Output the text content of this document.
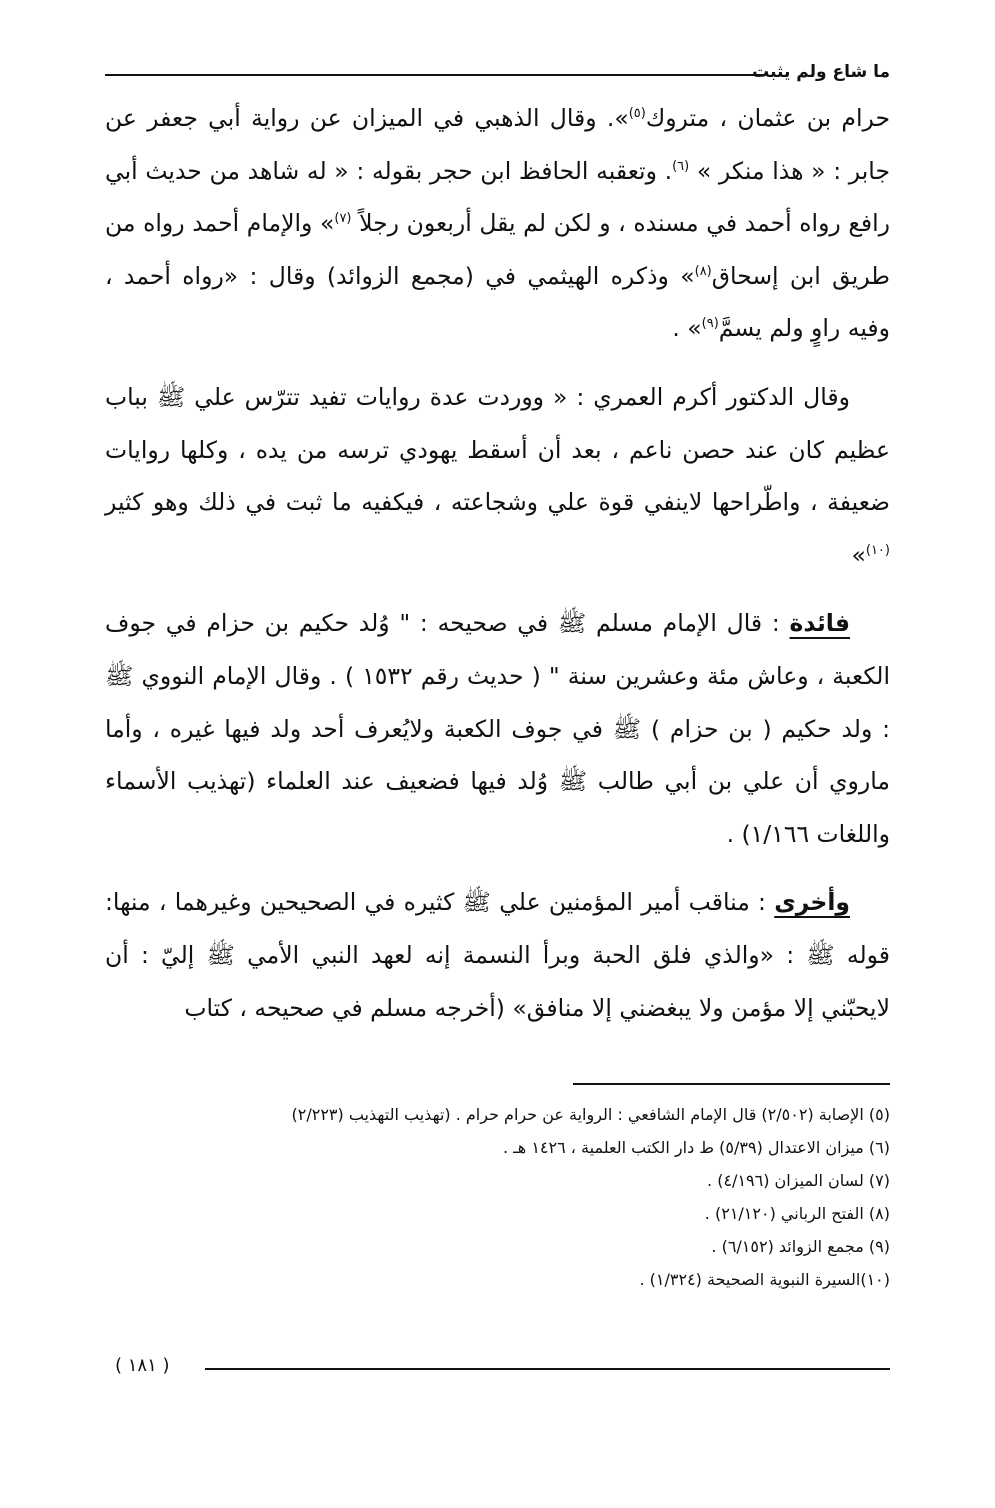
ما شاع ولم يثبت
حرام بن عثمان ، متروك$^{(٥)}$». وقال الذهبي في الميزان عن رواية أبي جعفر عن جابر : « هذا منكر » $^{(٦)}$. وتعقبه الحافظ ابن حجر بقوله : « له شاهد من حديث أبي رافع رواه أحمد في مسنده ، و لكن لم يقل أربعون رجلاً $^{(٧)}$» والإمام أحمد رواه من طريق ابن إسحاق$^{(٨)}$» وذكره الهيثمي في (مجمع الزوائد) وقال : «رواه أحمد ، وفيه راوٍ ولم يسمَّ$^{(٩)}$» .
وقال الدكتور أكرم العمري : « ووردت عدة روايات تفيد تترّس علي ﷺ بباب عظيم كان عند حصن ناعم ، بعد أن أسقط يهودي ترسه من يده ، وكلها روايات ضعيفة ، واطّراحها لاينفي قوة علي وشجاعته ، فيكفيه ما ثبت في ذلك وهو كثير $^{(١٠)}$»
فائدة : قال الإمام مسلم ﷺ في صحيحه : " وُلد حكيم بن حزام في جوف الكعبة ، وعاش مئة وعشرين سنة " ( حديث رقم ١٥٣٢ ) . وقال الإمام النووي ﷺ : ولد حكيم ( بن حزام ) ﷺ في جوف الكعبة ولايُعرف أحد ولد فيها غيره ، وأما ماروي أن علي بن أبي طالب ﷺ وُلد فيها فضعيف عند العلماء (تهذيب الأسماء واللغات ١/١٦٦) .
وأخرى : مناقب أمير المؤمنين علي ﷺ كثيره في الصحيحين وغيرهما ، منها: قوله ﷺ : «والذي فلق الحبة وبرأ النسمة إنه لعهد النبي الأمي ﷺ إليّ : أن لايحبّني إلا مؤمن ولا يبغضني إلا منافق» (أخرجه مسلم في صحيحه ، كتاب
(٥) الإصابة (٢/٥٠٢) قال الإمام الشافعي : الرواية عن حرام حرام . (تهذيب التهذيب (٢/٢٢٣)
(٦) ميزان الاعتدال (٥/٣٩) ط دار الكتب العلمية ، ١٤٢٦ هـ .
(٧) لسان الميزان (٤/١٩٦) .
(٨) الفتح الرباني (٢١/١٢٠) .
(٩) مجمع الزوائد (٦/١٥٢) .
(١٠)السيرة النبوية الصحيحة (١/٣٢٤) .
( ١٨١ )
